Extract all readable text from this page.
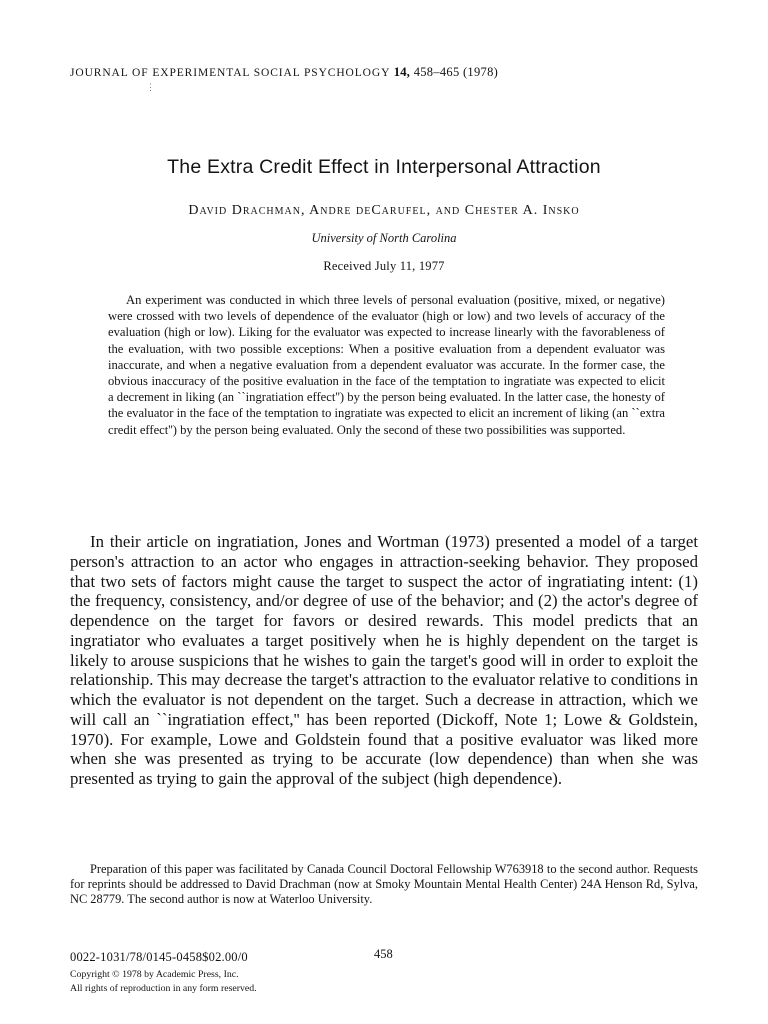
JOURNAL OF EXPERIMENTAL SOCIAL PSYCHOLOGY 14, 458–465 (1978)
⋮
The Extra Credit Effect in Interpersonal Attraction
David Drachman, Andre deCarufel, and Chester A. Insko
University of North Carolina
Received July 11, 1977

An experiment was conducted in which three levels of personal evaluation (positive, mixed, or negative) were crossed with two levels of dependence of the evaluator (high or low) and two levels of accuracy of the evaluation (high or low). Liking for the evaluator was expected to increase linearly with the favorableness of the evaluation, with two possible exceptions: When a positive evaluation from a dependent evaluator was inaccurate, and when a negative evaluation from a dependent evaluator was accurate. In the former case, the obvious inaccuracy of the positive evaluation in the face of the temptation to ingratiate was expected to elicit a decrement in liking (an ``ingratiation effect'') by the person being evaluated. In the latter case, the honesty of the evaluator in the face of the temptation to ingratiate was expected to elicit an increment of liking (an ``extra credit effect'') by the person being evaluated. Only the second of these two possibilities was supported.

In their article on ingratiation, Jones and Wortman (1973) presented a model of a target person's attraction to an actor who engages in attraction-seeking behavior. They proposed that two sets of factors might cause the target to suspect the actor of ingratiating intent: (1) the frequency, consistency, and/or degree of use of the behavior; and (2) the actor's degree of dependence on the target for favors or desired rewards. This model predicts that an ingratiator who evaluates a target positively when he is highly dependent on the target is likely to arouse suspicions that he wishes to gain the target's good will in order to exploit the relationship. This may decrease the target's attraction to the evaluator relative to conditions in which the evaluator is not dependent on the target. Such a decrease in attraction, which we will call an ``ingratiation effect,'' has been reported (Dickoff, Note 1; Lowe & Goldstein, 1970). For example, Lowe and Goldstein found that a positive evaluator was liked more when she was presented as trying to be accurate (low dependence) than when she was presented as trying to gain the approval of the subject (high dependence).

Preparation of this paper was facilitated by Canada Council Doctoral Fellowship W763918 to the second author. Requests for reprints should be addressed to David Drachman (now at Smoky Mountain Mental Health Center) 24A Henson Rd, Sylva, NC 28779. The second author is now at Waterloo University.

458
0022-1031/78/0145-0458$02.00/0
Copyright © 1978 by Academic Press, Inc.
All rights of reproduction in any form reserved.
